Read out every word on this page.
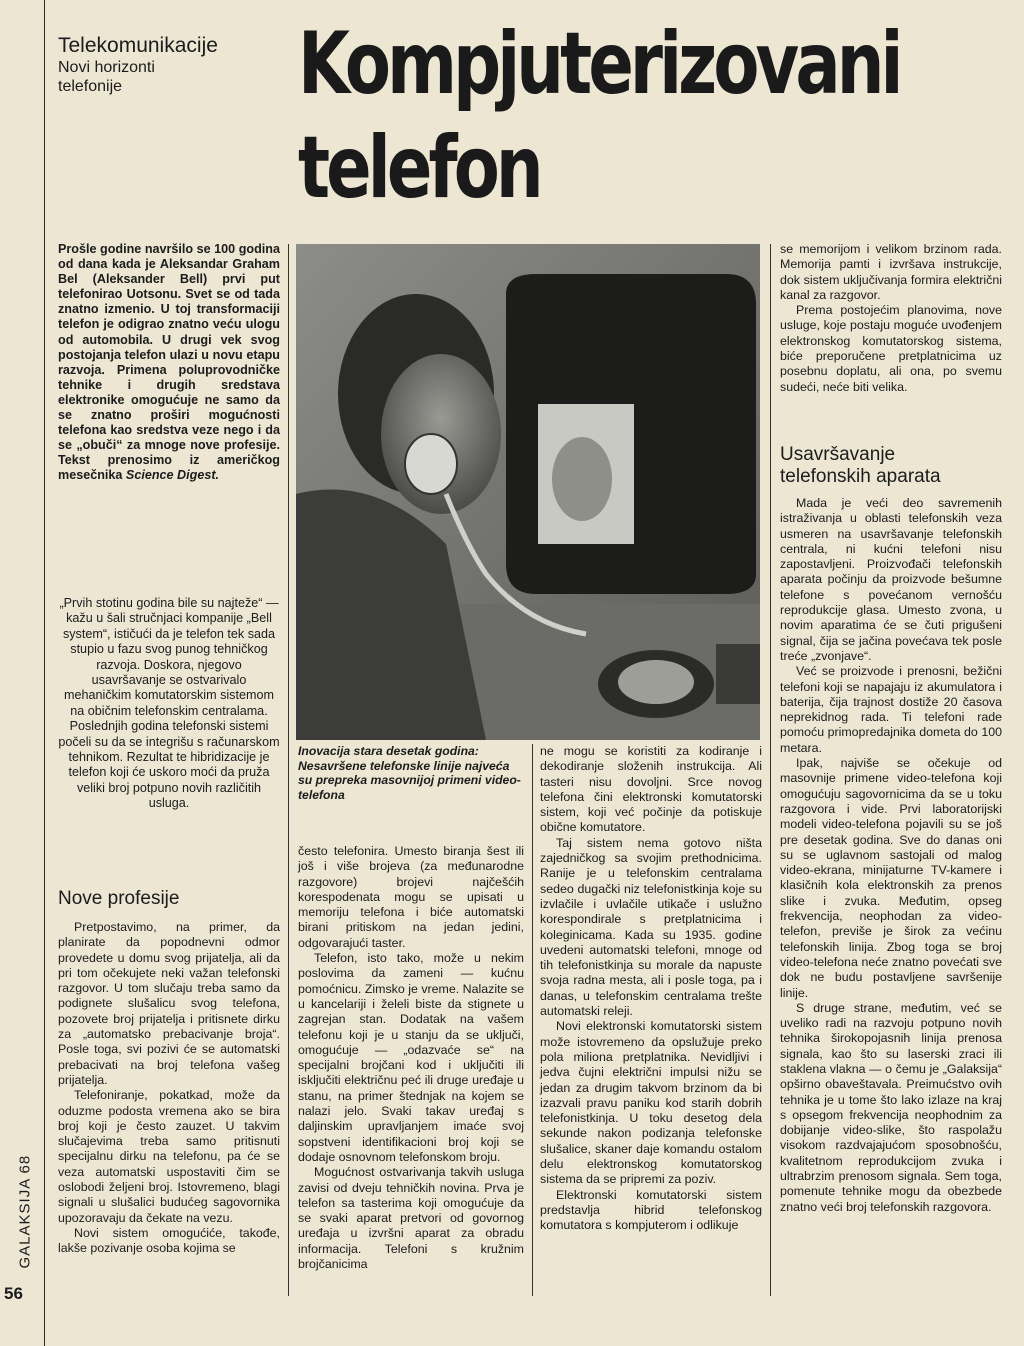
GALAKSIJA 68
56
Telekomunikacije
Novi horizonti
telefonije	Kompjuterizovani
telefon
Prošle godine navršilo se 100 godina od dana kada je Aleksandar Graham Bel (Aleksander Bell) prvi put telefonirao Uotsonu. Svet se od tada znatno izmenio. U toj transformaciji telefon je odigrao znatno veću ulogu od automobila. U drugi vek svog postojanja telefon ulazi u novu etapu razvoja. Primena poluprovodničke tehnike i drugih sredstava elektronike omogućuje ne samo da se znatno proširi mogućnosti telefona kao sredstva veze nego i da se „obuči“ za mnoge nove profesije. Tekst prenosimo iz američkog mesečnika Science Digest.
„Prvih stotinu godina bile su najteže“ — kažu u šali stručnjaci kompanije „Bell system“, ističući da je telefon tek sada stupio u fazu svog punog tehničkog razvoja. Doskora, njegovo usavršavanje se ostvarivalo mehaničkim komutatorskim sistemom na običnim telefonskim centralama. Poslednjih godina telefonski sistemi počeli su da se integrišu s računarskom tehnikom. Rezultat te hibridizacije je telefon koji će uskoro moći da pruža veliki broj potpuno novih različitih usluga.
Nove profesije

Pretpostavimo, na primer, da planirate da popodnevni odmor provedete u domu svog prijatelja, ali da pri tom očekujete neki važan telefonski razgovor. U tom slučaju treba samo da podignete slušalicu svog telefona, pozovete broj prijatelja i pritisnete dirku za „automatsko prebacivanje broja“. Posle toga, svi pozivi će se automatski prebacivati na broj telefona vašeg prijatelja.

Telefoniranje, pokatkad, može da oduzme podosta vremena ako se bira broj koji je često zauzet. U takvim slučajevima treba samo pritisnuti specijalnu dirku na telefonu, pa će se veza automatski uspostaviti čim se oslobodi željeni broj. Istovremeno, blagi signali u slušalici budućeg sagovornika upozoravaju da čekate na vezu.

Novi sistem omogućiće, takođe, lakše pozivanje osoba kojima se

Inovacija stara desetak godina: Nesavršene telefonske linije najveća su prepreka masovnijoj primeni video-telefona

često telefonira. Umesto biranja šest ili još i više brojeva (za međunarodne razgovore) brojevi najčešćih korespodenata mogu se upisati u memoriju telefona i biće automatski birani pritiskom na jedan jedini, odgovarajući taster.

Telefon, isto tako, može u nekim poslovima da zameni — kućnu pomoćnicu. Zimsko je vreme. Nalazite se u kancelariji i želeli biste da stignete u zagrejan stan. Dodatak na vašem telefonu koji je u stanju da se uključi, omogućuje — „odazvaće se“ na specijalni brojčani kod i uključiti ili isključiti električnu peć ili druge uređaje u stanu, na primer štednjak na kojem se nalazi jelo. Svaki takav uređaj s daljinskim upravljanjem imaće svoj sopstveni identifikacioni broj koji se dodaje osnovnom telefonskom broju.

Mogućnost ostvarivanja takvih usluga zavisi od dveju tehničkih novina. Prva je telefon sa tasterima koji omogućuje da se svaki aparat pretvori od govornog uređaja u izvršni aparat za obradu informacija. Telefoni s kružnim brojčanicima

ne mogu se koristiti za kodiranje i dekodiranje složenih instrukcija. Ali tasteri nisu dovoljni. Srce novog telefona čini elektronski komutatorski sistem, koji već počinje da potiskuje obične komutatore.

Taj sistem nema gotovo ništa zajedničkog sa svojim prethodnicima. Ranije je u telefonskim centralama sedeo dugački niz telefonistkinja koje su izvlačile i uvlačile utikače i uslužno korespondirale s pretplatnicima i koleginicama. Kada su 1935. godine uvedeni automatski telefoni, mnoge od tih telefonistkinja su morale da napuste svoja radna mesta, ali i posle toga, pa i danas, u telefonskim centralama trešte automatski releji.

Novi elektronski komutatorski sistem može istovremeno da opslužuje preko pola miliona pretplatnika. Nevidljivi i jedva čujni električni impulsi nižu se jedan za drugim takvom brzinom da bi izazvali pravu paniku kod starih dobrih telefonistkinja. U toku desetog dela sekunde nakon podizanja telefonske slušalice, skaner daje komandu ostalom delu elektronskog komutatorskog sistema da se pripremi za poziv.

Elektronski komutatorski sistem predstavlja hibrid telefonskog komutatora s kompjuterom i odlikuje

se memorijom i velikom brzinom rada. Memorija pamti i izvršava instrukcije, dok sistem uključivanja formira električni kanal za razgovor.

Prema postojećim planovima, nove usluge, koje postaju moguće uvođenjem elektronskog komutatorskog sistema, biće preporučene pretplatnicima uz posebnu doplatu, ali ona, po svemu sudeći, neće biti velika.

Usavršavanje
telefonskih aparata

Mada je veći deo savremenih istraživanja u oblasti telefonskih veza usmeren na usavršavanje telefonskih centrala, ni kućni telefoni nisu zapostavljeni. Proizvođači telefonskih aparata počinju da proizvode bešumne telefone s povećanom vernošću reprodukcije glasa. Umesto zvona, u novim aparatima će se čuti prigušeni signal, čija se jačina povećava tek posle treće „zvonjave“.

Već se proizvode i prenosni, bežični telefoni koji se napajaju iz akumulatora i baterija, čija trajnost dostiže 20 časova neprekidnog rada. Ti telefoni rade pomoću primopredajnika dometa do 100 metara.

Ipak, najviše se očekuje od masovnije primene video-telefona koji omogućuju sagovornicima da se u toku razgovora i vide. Prvi laboratorijski modeli video-telefona pojavili su se još pre desetak godina. Sve do danas oni su se uglavnom sastojali od malog video-ekrana, minijaturne TV-kamere i klasičnih kola elektronskih za prenos slike i zvuka. Međutim, opseg frekvencija, neophodan za video-telefon, previše je širok za većinu telefonskih linija. Zbog toga se broj video-telefona neće znatno povećati sve dok ne budu postavljene savršenije linije.

S druge strane, međutim, već se uveliko radi na razvoju potpuno novih tehnika širokopojasnih linija prenosa signala, kao što su laserski zraci ili staklena vlakna — o čemu je „Galaksija“ opširno obaveštavala. Preimućstvo ovih tehnika je u tome što lako izlaze na kraj s opsegom frekvencija neophodnim za dobijanje video-slike, što raspolažu visokom razdvajajućom sposobnošću, kvalitetnom reprodukcijom zvuka i ultrabrzim prenosom signala. Sem toga, pomenute tehnike mogu da obezbede znatno veći broj telefonskih razgovora.
